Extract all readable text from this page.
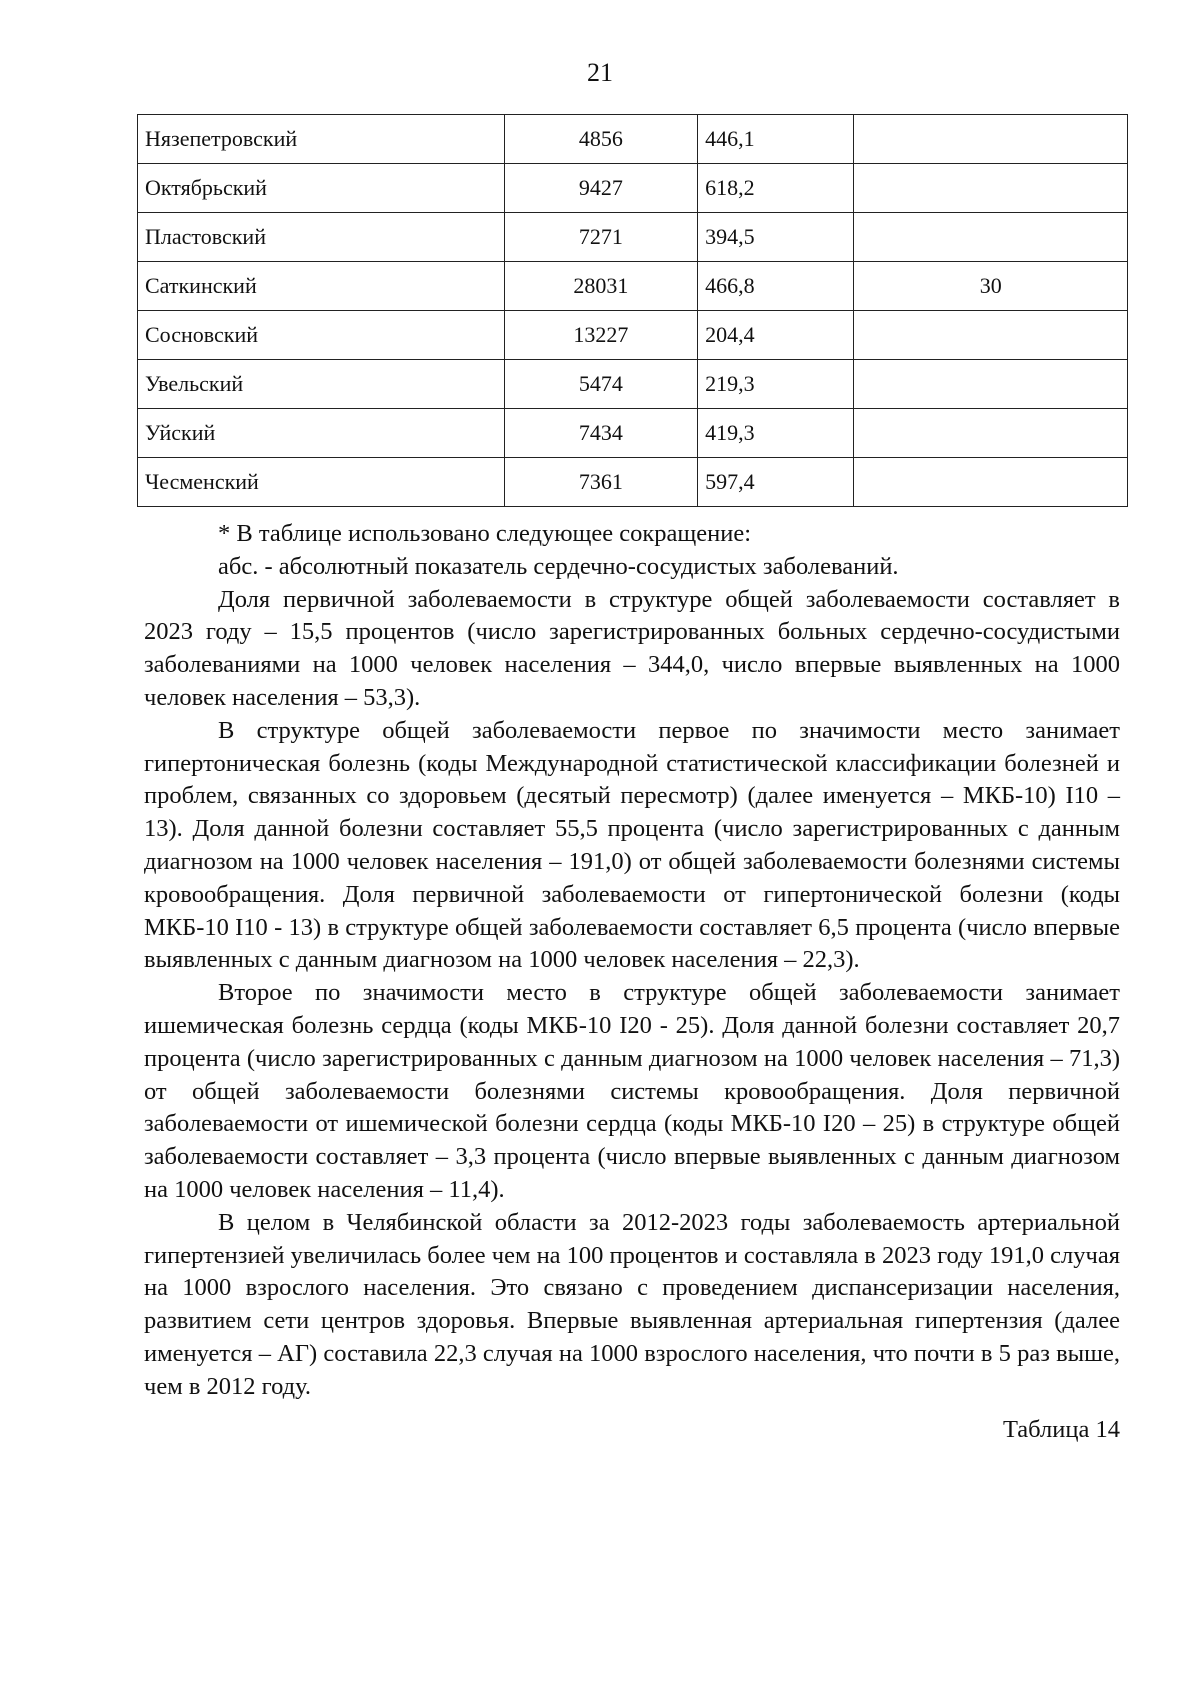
21
Нязепетровский	4856	446,1	
Октябрьский	9427	618,2	
Пластовский	7271	394,5	
Саткинский	28031	466,8	30
Сосновский	13227	204,4	
Увельский	5474	219,3	
Уйский	7434	419,3	
Чесменский	7361	597,4	

* В таблице использовано следующее сокращение:

абс. - абсолютный показатель сердечно-сосудистых заболеваний.

Доля первичной заболеваемости в структуре общей заболеваемости составляет в 2023 году – 15,5 процентов (число зарегистрированных больных сердечно-сосудистыми заболеваниями на 1000 человек населения – 344,0, число впервые выявленных на 1000 человек населения – 53,3).

В структуре общей заболеваемости первое по значимости место занимает гипертоническая болезнь (коды Международной статистической классификации болезней и проблем, связанных со здоровьем (десятый пересмотр) (далее именуется – МКБ-10) I10 – 13). Доля данной болезни составляет 55,5 процента (число зарегистрированных с данным диагнозом на 1000 человек населения – 191,0) от общей заболеваемости болезнями системы кровообращения. Доля первичной заболеваемости от гипертонической болезни (коды МКБ-10 I10 - 13) в структуре общей заболеваемости составляет 6,5 процента (число впервые выявленных с данным диагнозом на 1000 человек населения – 22,3).

Второе по значимости место в структуре общей заболеваемости занимает ишемическая болезнь сердца (коды МКБ-10 I20 - 25). Доля данной болезни составляет 20,7 процента (число зарегистрированных с данным диагнозом на 1000 человек населения – 71,3) от общей заболеваемости болезнями системы кровообращения. Доля первичной заболеваемости от ишемической болезни сердца (коды МКБ-10 I20 – 25) в структуре общей заболеваемости составляет – 3,3 процента (число впервые выявленных с данным диагнозом на 1000 человек населения – 11,4).

В целом в Челябинской области за 2012-2023 годы заболеваемость артериальной гипертензией увеличилась более чем на 100 процентов и составляла в 2023 году 191,0 случая на 1000 взрослого населения. Это связано с проведением диспансеризации населения, развитием сети центров здоровья. Впервые выявленная артериальная гипертензия (далее именуется – АГ) составила 22,3 случая на 1000 взрослого населения, что почти в 5 раз выше, чем в 2012 году.

Таблица 14
